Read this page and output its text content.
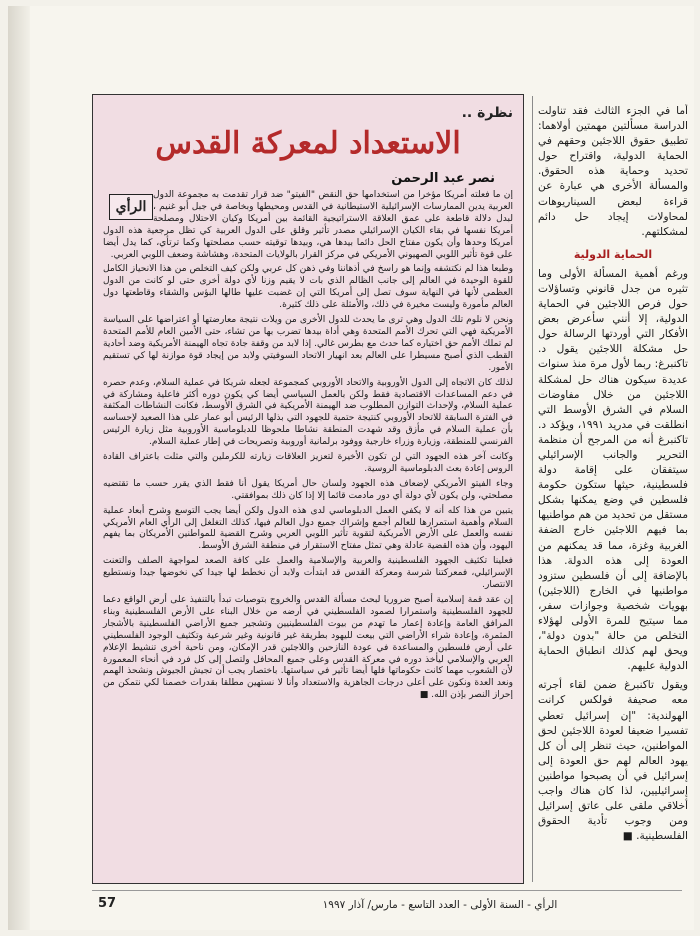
نظرة ..
الاستعداد لمعركة القدس
نصر عبد الرحمن
الرأي

إن ما فعلته أمريكا مؤخرا من استخدامها حق النقض "الفيتو" ضد قرار تقدمت به مجموعة الدول العربية يدين الممارسات الإسرائيلية الاستيطانية في القدس ومحيطها وبخاصة في جبل أبو غنيم ، لبدل دلالة قاطعة على عمق العلاقة الاستراتيجية القائمة بين أمريكا وكيان الاحتلال ومصلحة أمريكا نفسها في بقاء الكيان الإسرائيلي مصدر تأثير وقلق على الدول العربية كي تظل مرجعية هذه الدول أمريكا وحدها وأن يكون مفتاح الحل دائما بيدها هي، وبيدها توقيته حسب مصلحتها وكما ترتأي، كما يدل أيضا على قوة تأثير اللوبي الصهيوني الأمريكي في مركز القرار بالولايات المتحدة، وهشاشة وضعف اللوبي العربي.

وطبعا هذا لم نكتشفه وإنما هو راسخ في أذهاننا وفي ذهن كل عربي ولكن كيف التخلص من هذا الانحياز الكامل للقوة الوحيدة في العالم إلى جانب الظالم الذي بات لا يقيم وزنا لأي دولة أخرى حتى لو كانت من الدول العظمى لأنها في النهاية سوف تصل إلى أمريكا التي إن غضبت عليها طالها البؤس والشقاء وقاطعتها دول العالم مأمورة وليست مخيرة في ذلك، والأمثلة على ذلك كثيرة.

ونحن لا نلوم تلك الدول وهي ترى ما يحدث للدول الأخرى من ويلات نتيجة معارضتها أو اعتراضها على السياسة الأمريكية فهي التي تحرك الأمم المتحدة وهي أداة بيدها تضرب بها من تشاء، حتى الأمين العام للأمم المتحدة لم تملك الأمم حق اختياره كما حدث مع بطرس غالي. إذا لابد من وقفة جادة تجاه الهيمنة الأمريكية وضد أحادية القطب الذي أصبح مسيطرا على العالم بعد انهيار الاتحاد السوفيتي ولابد من إيجاد قوة موازنة لها كي تستقيم الأمور.

لذلك كان الاتجاه إلى الدول الأوروبية والاتحاد الأوروبي كمجموعة لجعله شريكا في عملية السلام، وعدم حصره في دعم المساعدات الاقتصادية فقط ولكن بالعمل السياسي أيضا كي يكون دوره أكثر فاعلية ومشاركة في عملية السلام، ولإحداث التوازن المطلوب ضد الهيمنة الأمريكية في الشرق الأوسط، فكانت النشاطات المكثفة في الفترة السابقة للاتحاد الأوروبي كنتيجة حتمية للجهود التي بذلها الرئيس أبو عمار على هذا الصعيد لإحساسه بأن عملية السلام في مأزق وقد شهدت المنطقة نشاطا ملحوظا للدبلوماسية الأوروبية مثل زيارة الرئيس الفرنسي للمنطقة، وزيارة وزراء خارجية ووفود برلمانية أوروبية وتصريحات في إطار عملية السلام.

وكانت آخر هذه الجهود التي لن تكون الأخيرة لتعزيز العلاقات زيارته للكرملين والتي مثلت باعتراف القادة الروس إعادة بعث الدبلوماسية الروسية.

وجاء الفيتو الأمريكي لإضعاف هذه الجهود ولسان حال أمريكا يقول أنا فقط الذي يقرر حسب ما تقتضيه مصلحتي، ولن يكون لأي دولة أي دور مادمت قائما إلا إذا كان ذلك بموافقتي.

يتبين من هذا كله أنه لا يكفي العمل الدبلوماسي لدى هذه الدول ولكن أيضا يجب التوسع وشرح أبعاد عملية السلام وأهمية استمرارها للعالم أجمع وإشراك جميع دول العالم فيها، كذلك التغلغل إلى الرأي العام الأمريكي نفسه والعمل على الأرض الأمريكية لتقوية تأثير اللوبي العربي وشرح القضية للمواطنين الأمريكان بما يفهم اليهود، وأن هذه القضية عادلة وهي تمثل مفتاح الاستقرار في منطقة الشرق الأوسط.

فعلينا تكثيف الجهود الفلسطينية والعربية والإسلامية والعمل على كافة الصعد لمواجهة الصلف والتعنت الإسرائيلي، فمعركتنا شرسة ومعركة القدس قد ابتدأت ولابد أن نخطط لها جيدا كي نخوضها جيدا ونستطيع الانتصار.

إن عقد قمة إسلامية أصبح ضروريا لبحث مسألة القدس والخروج بتوصيات تبدأ بالتنفيذ على أرض الواقع دعما للجهود الفلسطينية واستمرارا لصمود الفلسطيني في أرضه من خلال البناء على الأرض الفلسطينية وبناء المرافق العامة وإعادة إعمار ما تهدم من بيوت الفلسطينيين وتشجير جميع الأراضي الفلسطينية بالأشجار المثمرة، وإعادة شراء الأراضي التي بيعت لليهود بطريقة غير قانونية وغير شرعية وتكثيف الوجود الفلسطيني على أرض فلسطين والمساعدة في عودة النازحين واللاجئين قدر الإمكان، ومن ناحية أخرى تنشيط الإعلام العربي والإسلامي ليأخذ دوره في معركة القدس وعلى جميع المحافل ولتصل إلى كل فرد في أنحاء المعمورة لأن الشعوب مهما كانت حكوماتها فلها أيضا تأثير في سياستها. باختصار يجب أن تجيش الجيوش ونشحذ الهمم ونعد العدة ونكون على أعلى درجات الجاهزية والاستعداد وأنا لا نستهين مطلقا بقدرات خصمنا لكي نتمكن من إحراز النصر بإذن الله. ■

أما في الجزء الثالث فقد تناولت الدراسة مسألتين مهمتين أولاهما: تطبيق حقوق اللاجئين وحقهم في الحماية الدولية، واقتراح حول تحديد وحماية هذه الحقوق. والمسألة الأخرى هي عبارة عن قراءة لبعض السيناريوهات لمحاولات إيجاد حل دائم لمشكلتهم.

الحماية الدولية

ورغم أهمية المسألة الأولى وما تثيره من جدل قانوني وتساؤلات حول فرص اللاجئين في الحماية الدولية، إلا أنني سأعرض بعض الأفكار التي أوردتها الرسالة حول حل مشكلة اللاجئين يقول د. تاكنبرغ: ربما لأول مرة منذ سنوات عديدة سيكون هناك حل لمشكلة اللاجئين من خلال مفاوضات السلام في الشرق الأوسط التي انطلقت في مدريد ١٩٩١، ويؤكد د. تاكنبرغ أنه من المرجح أن منظمة التحرير والجانب الإسرائيلي سيتفقان على إقامة دولة فلسطينية، حيثها ستكون حكومة فلسطين في وضع يمكنها بشكل مستقل من تحديد من هم مواطنيها بما فيهم اللاجئين خارج الضفة الغربية وغزة، مما قد يمكنهم من العودة إلى هذه الدولة. هذا بالإضافة إلى أن فلسطين ستزود مواطنيها في الخارج (اللاجئين) بهويات شخصية وجوازات سفر، مما سيتيح للمرة الأولى لهؤلاء التخلص من حالة "بدون دولة"، ويحق لهم كذلك انطباق الحماية الدولية عليهم.

ويقول تاكنبرغ ضمن لقاء أجرته معه صحيفة فولكس كرانت الهولندية: "إن إسرائيل تعطي تفسيرا ضعيفا لعودة اللاجئين لحق المواطنين، حيث تنظر إلى أن كل يهود العالم لهم حق العودة إلى إسرائيل في أن يصبحوا مواطنين إسرائيليين، لذا كان هناك واجب أخلاقي ملقى على عاتق إسرائيل ومن وجوب تأدية الحقوق الفلسطينية. ■

57	الرأي - السنة الأولى - العدد التاسع - مارس/ آذار ١٩٩٧
